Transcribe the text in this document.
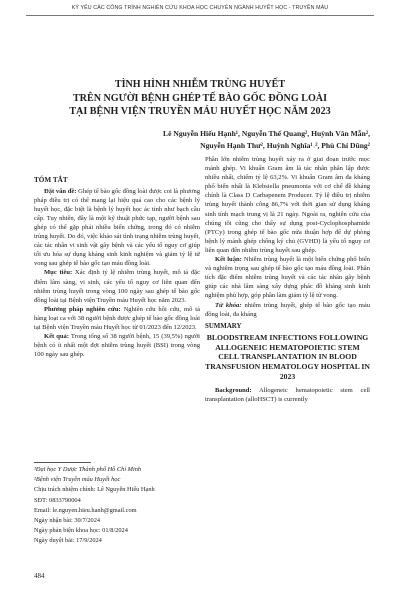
KỶ YẾU CÁC CÔNG TRÌNH NGHIÊN CỨU KHOA HỌC CHUYÊN NGÀNH HUYẾT HỌC - TRUYỀN MÁU
TÌNH HÌNH NHIỄM TRÙNG HUYẾT
TRÊN NGƯỜI BỆNH GHÉP TẾ BÀO GỐC ĐỒNG LOÀI
TẠI BỆNH VIỆN TRUYỀN MÁU HUYẾT HỌC NĂM 2023
Lê Nguyễn Hiếu Hạnh¹, Nguyễn Thế Quang², Huỳnh Văn Mẫn²,
Nguyễn Hạnh Thư², Huỳnh Nghĩa¹˒², Phù Chí Dũng²

TÓM TẮT

Đặt vấn đề: Ghép tế bào gốc đồng loài được coi là phương pháp điều trị có thể mang lại hiệu quả cao cho các bệnh lý huyết học, đặc biệt là bệnh lý huyết học ác tính như bạch cầu cấp. Tuy nhiên, đây là một kỹ thuật phức tạp, người bệnh sau ghép có thể gặp phải nhiều biến chứng, trong đó có nhiễm trùng huyết. Do đó, việc khảo sát tình trạng nhiễm trùng huyết, các tác nhân vi sinh vật gây bệnh và các yếu tố nguy cơ giúp tối ưu hóa sự dụng kháng sinh kinh nghiệm và giảm tỷ lệ tử vong sau ghép tế bào gốc tạo máu đồng loài.

Mục tiêu: Xác định tỷ lệ nhiễm trùng huyết, mô tả đặc điểm lâm sàng, vi sinh, các yếu tố nguy cơ liên quan đến nhiễm trùng huyết trong vòng 100 ngày sau ghép tế bào gốc đồng loài tại Bệnh viện Truyền máu Huyết học năm 2023.

Phương pháp nghiên cứu: Nghiên cứu hồi cứu, mô tả hàng loạt ca với 38 người bệnh được ghép tế bào gốc đồng loài tại Bệnh viện Truyền máu Huyết học từ 01/2023 đến 12/2023.

Kết quả: Trong tổng số 38 người bệnh, 15 (39,5%) người bệnh có ít nhất một đợt nhiễm trùng huyết (BSI) trong vòng 100 ngày sau ghép.

¹Đại học Y Dược Thành phố Hồ Chí Minh
²Bệnh viện Truyền máu Huyết học
Chịu trách nhiệm chính: Lê Nguyễn Hiếu Hạnh
SĐT: 0833790004
Email: le.nguyen.hieu.hanh@gmail.com
Ngày nhận bài: 30/7/2024
Ngày phản biện khoa học: 01/8/2024
Ngày duyệt bài: 17/9/2024

Phần lớn nhiễm trùng huyết xảy ra ở giai đoạn trước mọc mảnh ghép. Vi khuẩn Gram âm là tác nhân phân lập được nhiều nhất, chiếm tỷ lệ 63,2%. Vi khuẩn Gram âm đa kháng phổ biến nhất là Klebsiella pneumonia với cơ chế đề kháng chính là Class D Carbapenem Producer. Tỷ lệ điều trị nhiễm trùng huyết thành công 86,7% với thời gian sử dụng kháng sinh tính mạch trung vị là 21 ngày. Ngoài ra, nghiên cứu của chúng tôi cũng cho thấy sự dụng post-Cyclophosphamide (PTCy) trong ghép tế bào gốc nửa thuận hợp để dự phòng bệnh lý mảnh ghép chống ký chủ (GVHD) là yếu tố nguy cơ liên quan đến nhiễm trùng huyết sau ghép.

Kết luận: Nhiễm trùng huyết là một biến chứng phổ biến và nghiêm trọng sau ghép tế bào gốc tạo máu đồng loài. Phân tích đặc điểm nhiễm trùng huyết và các tác nhân gây bệnh giúp các nhà lâm sàng xây dựng phác đồ kháng sinh kinh nghiệm phù hợp, góp phần làm giảm tỷ lệ tử vong.

Từ khóa: nhiễm trùng huyết, ghép tế bào gốc tạo máu đồng loài, đa kháng

SUMMARY

BLOODSTREAM INFECTIONS FOLLOWING ALLOGENEIC HEMATOPOIETIC STEM CELL TRANSPLANTATION IN BLOOD TRANSFUSION HEMATOLOGY HOSPITAL IN 2023

Background: Allogeneic hematopoietic stem cell transplantation (alloHSCT) is currently

484
